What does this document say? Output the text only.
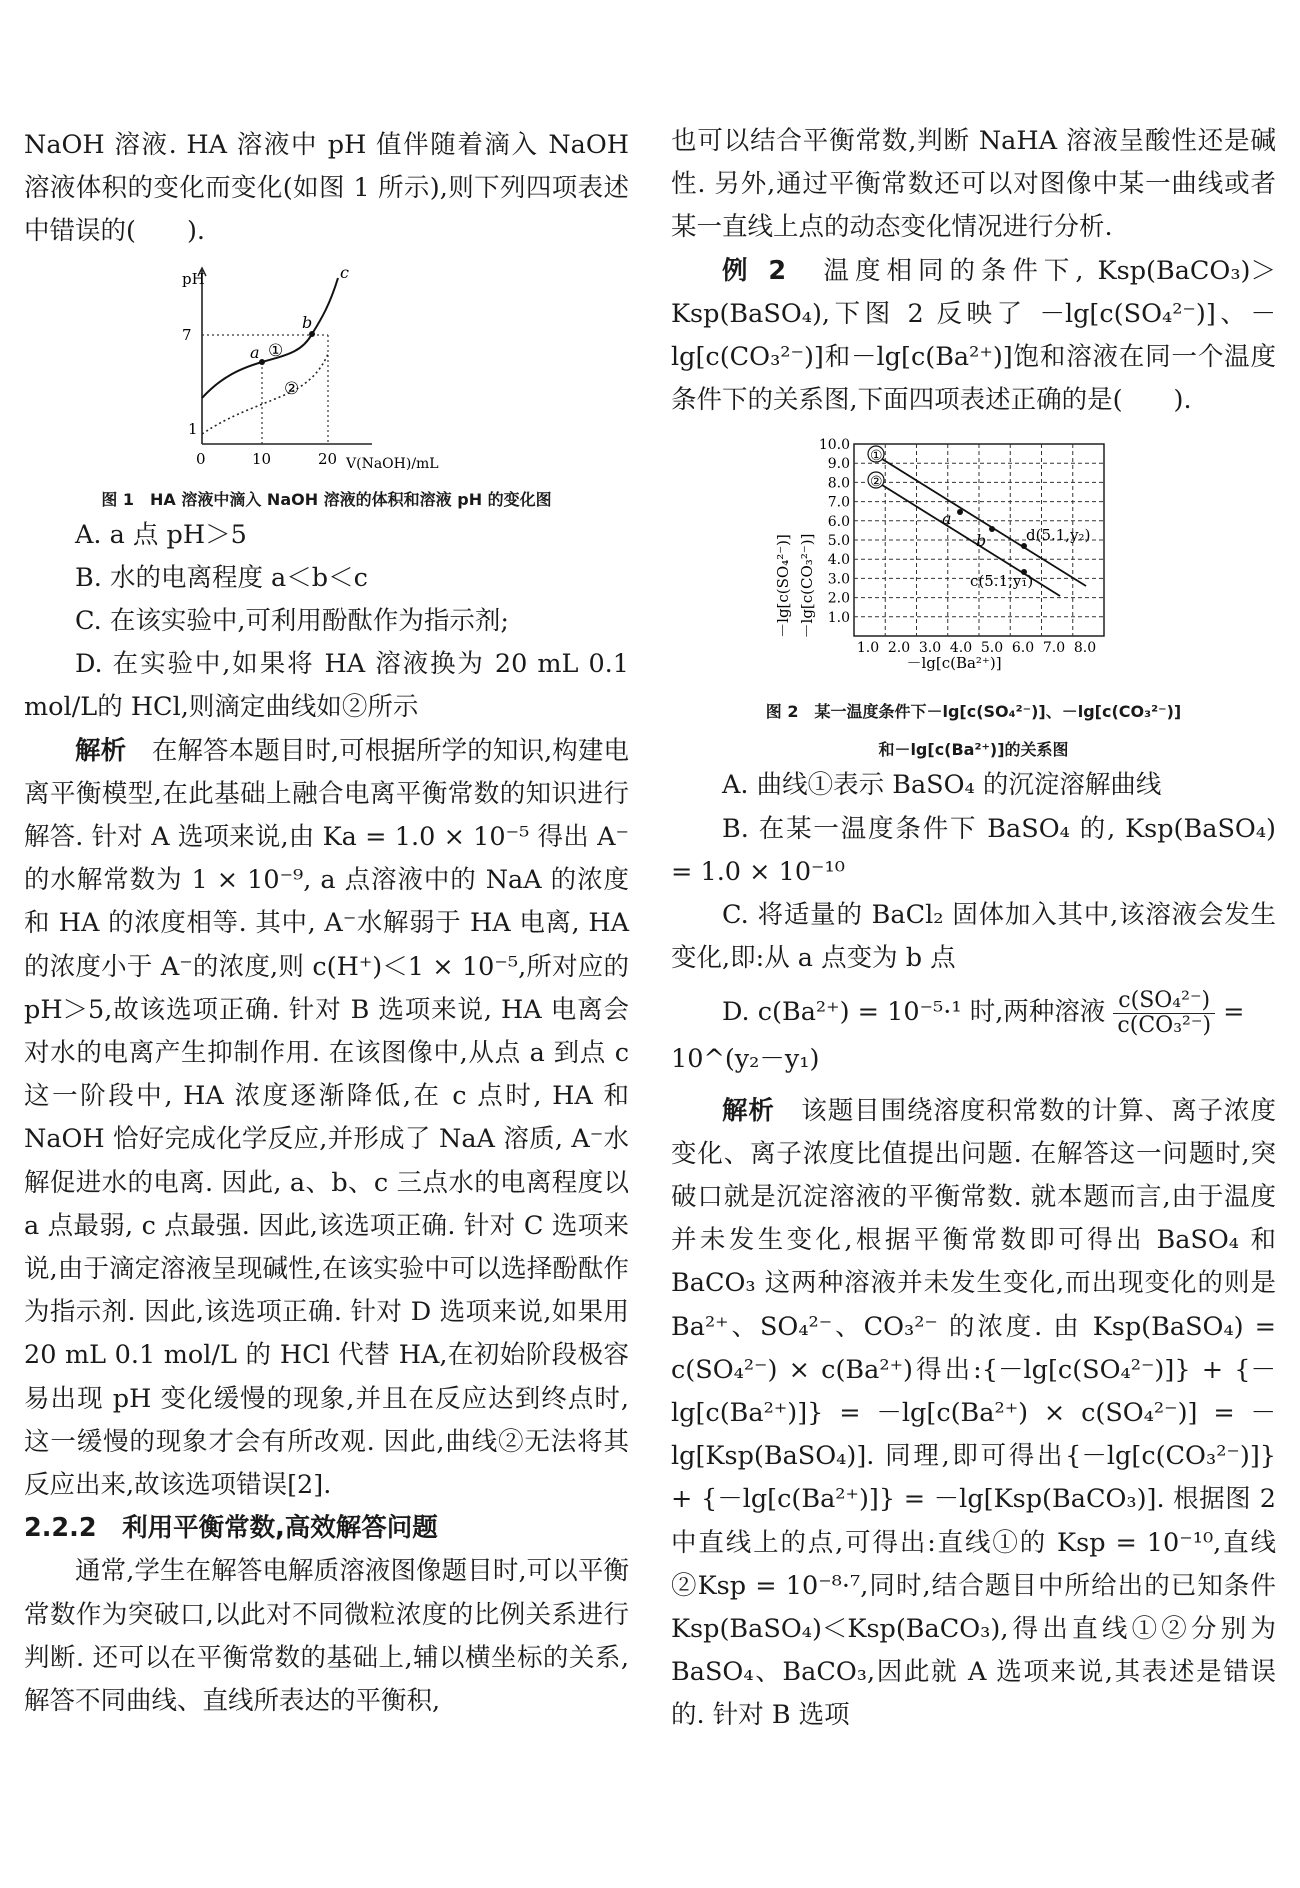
NaOH 溶液. HA 溶液中 pH 值伴随着滴入 NaOH 溶液体积的变化而变化(如图 1 所示),则下列四项表述中错误的(　　).

pH
7
1
0	10	20 V(NaOH)/mL
a
b
c
①
②
图 1　HA 溶液中滴入 NaOH 溶液的体积和溶液 pH 的变化图

A. a 点 pH＞5

B. 水的电离程度 a＜b＜c

C. 在该实验中,可利用酚酞作为指示剂;

D. 在实验中,如果将 HA 溶液换为 20 mL 0.1 mol/L的 HCl,则滴定曲线如②所示

解析　 在解答本题目时,可根据所学的知识,构建电离平衡模型,在此基础上融合电离平衡常数的知识进行解答. 针对 A 选项来说,由 Ka = 1.0 × 10⁻⁵ 得出 A⁻的水解常数为 1 × 10⁻⁹, a 点溶液中的 NaA 的浓度和 HA 的浓度相等. 其中, A⁻水解弱于 HA 电离, HA 的浓度小于 A⁻的浓度,则 c(H⁺)＜1 × 10⁻⁵,所对应的 pH＞5,故该选项正确. 针对 B 选项来说, HA 电离会对水的电离产生抑制作用. 在该图像中,从点 a 到点 c 这一阶段中, HA 浓度逐渐降低,在 c 点时, HA 和 NaOH 恰好完成化学反应,并形成了 NaA 溶质, A⁻水解促进水的电离. 因此, a、b、c 三点水的电离程度以 a 点最弱, c 点最强. 因此,该选项正确. 针对 C 选项来说,由于滴定溶液呈现碱性,在该实验中可以选择酚酞作为指示剂. 因此,该选项正确. 针对 D 选项来说,如果用20 mL 0.1 mol/L 的 HCl 代替 HA,在初始阶段极容易出现 pH 变化缓慢的现象,并且在反应达到终点时,这一缓慢的现象才会有所改观. 因此,曲线②无法将其反应出来,故该选项错误[2].

2.2.2　利用平衡常数,高效解答问题

通常,学生在解答电解质溶液图像题目时,可以平衡常数作为突破口,以此对不同微粒浓度的比例关系进行判断. 还可以在平衡常数的基础上,辅以横坐标的关系,解答不同曲线、直线所表达的平衡积,

也可以结合平衡常数,判断 NaHA 溶液呈酸性还是碱性. 另外,通过平衡常数还可以对图像中某一曲线或者某一直线上点的动态变化情况进行分析.

例 2　 温度相同的条件下, Ksp(BaCO₃)＞Ksp(BaSO₄),下图 2 反映了 －lg[c(SO₄²⁻)]、－lg[c(CO₃²⁻)]和－lg[c(Ba²⁺)]饱和溶液在同一个温度条件下的关系图,下面四项表述正确的是(　　).

－lg[c(SO₄²⁻)] －lg[c(CO₃²⁻)]
10.0
9.0
8.0
7.0
6.0
5.0
4.0
3.0
2.0
1.0
1.0 2.0 3.0 4.0 5.0 6.0 7.0 8.0
①
②
a
b	d(5.1,y₂)
c(5.1,y₁)
－lg[c(Ba²⁺)]
图 2　某一温度条件下－lg[c(SO₄²⁻)]、－lg[c(CO₃²⁻)]
和－lg[c(Ba²⁺)]的关系图

A. 曲线①表示 BaSO₄ 的沉淀溶解曲线

B. 在某一温度条件下 BaSO₄ 的, Ksp(BaSO₄) = 1.0 × 10⁻¹⁰

C. 将适量的 BaCl₂ 固体加入其中,该溶液会发生变化,即:从 a 点变为 b 点

D. c(Ba²⁺) = 10⁻⁵·¹ 时,两种溶液 $\frac{\text{c(SO₄²⁻)}}{\text{c(CO₃²⁻)}}$ =

10^(y₂－y₁)

解析　 该题目围绕溶度积常数的计算、离子浓度变化、离子浓度比值提出问题. 在解答这一问题时,突破口就是沉淀溶液的平衡常数. 就本题而言,由于温度并未发生变化,根据平衡常数即可得出 BaSO₄ 和 BaCO₃ 这两种溶液并未发生变化,而出现变化的则是 Ba²⁺、SO₄²⁻、CO₃²⁻ 的浓度. 由 Ksp(BaSO₄) = c(SO₄²⁻) × c(Ba²⁺)得出:{－lg[c(SO₄²⁻)]} + {－lg[c(Ba²⁺)]} = －lg[c(Ba²⁺) × c(SO₄²⁻)] = －lg[Ksp(BaSO₄)]. 同理,即可得出{－lg[c(CO₃²⁻)]} + {－lg[c(Ba²⁺)]} = －lg[Ksp(BaCO₃)]. 根据图 2 中直线上的点,可得出:直线①的 Ksp = 10⁻¹⁰,直线②Ksp = 10⁻⁸·⁷,同时,结合题目中所给出的已知条件 Ksp(BaSO₄)＜Ksp(BaCO₃),得出直线①②分别为 BaSO₄、BaCO₃,因此就 A 选项来说,其表述是错误的. 针对 B 选项
